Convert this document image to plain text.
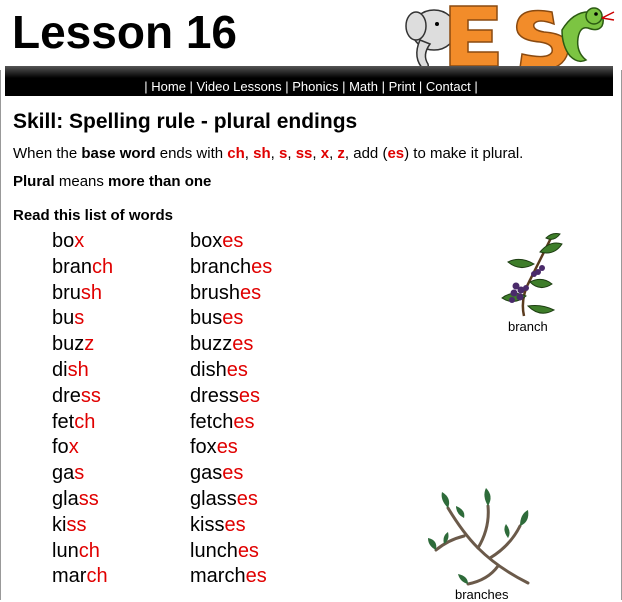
Lesson 16
| Home | Video Lessons | Phonics | Math | Print | Contact |
Skill: Spelling rule - plural endings
When the base word ends with ch, sh, s, ss, x, z, add (es) to make it plural.
Plural means more than one
Read this list of words
box	boxes
branch	branches
brush	brushes
bus	buses
buzz	buzzes
dish	dishes
dress	dresses
fetch	fetches
fox	foxes
gas	gases
glass	glasses
kiss	kisses
lunch	lunches
march	marches
branch
branches
